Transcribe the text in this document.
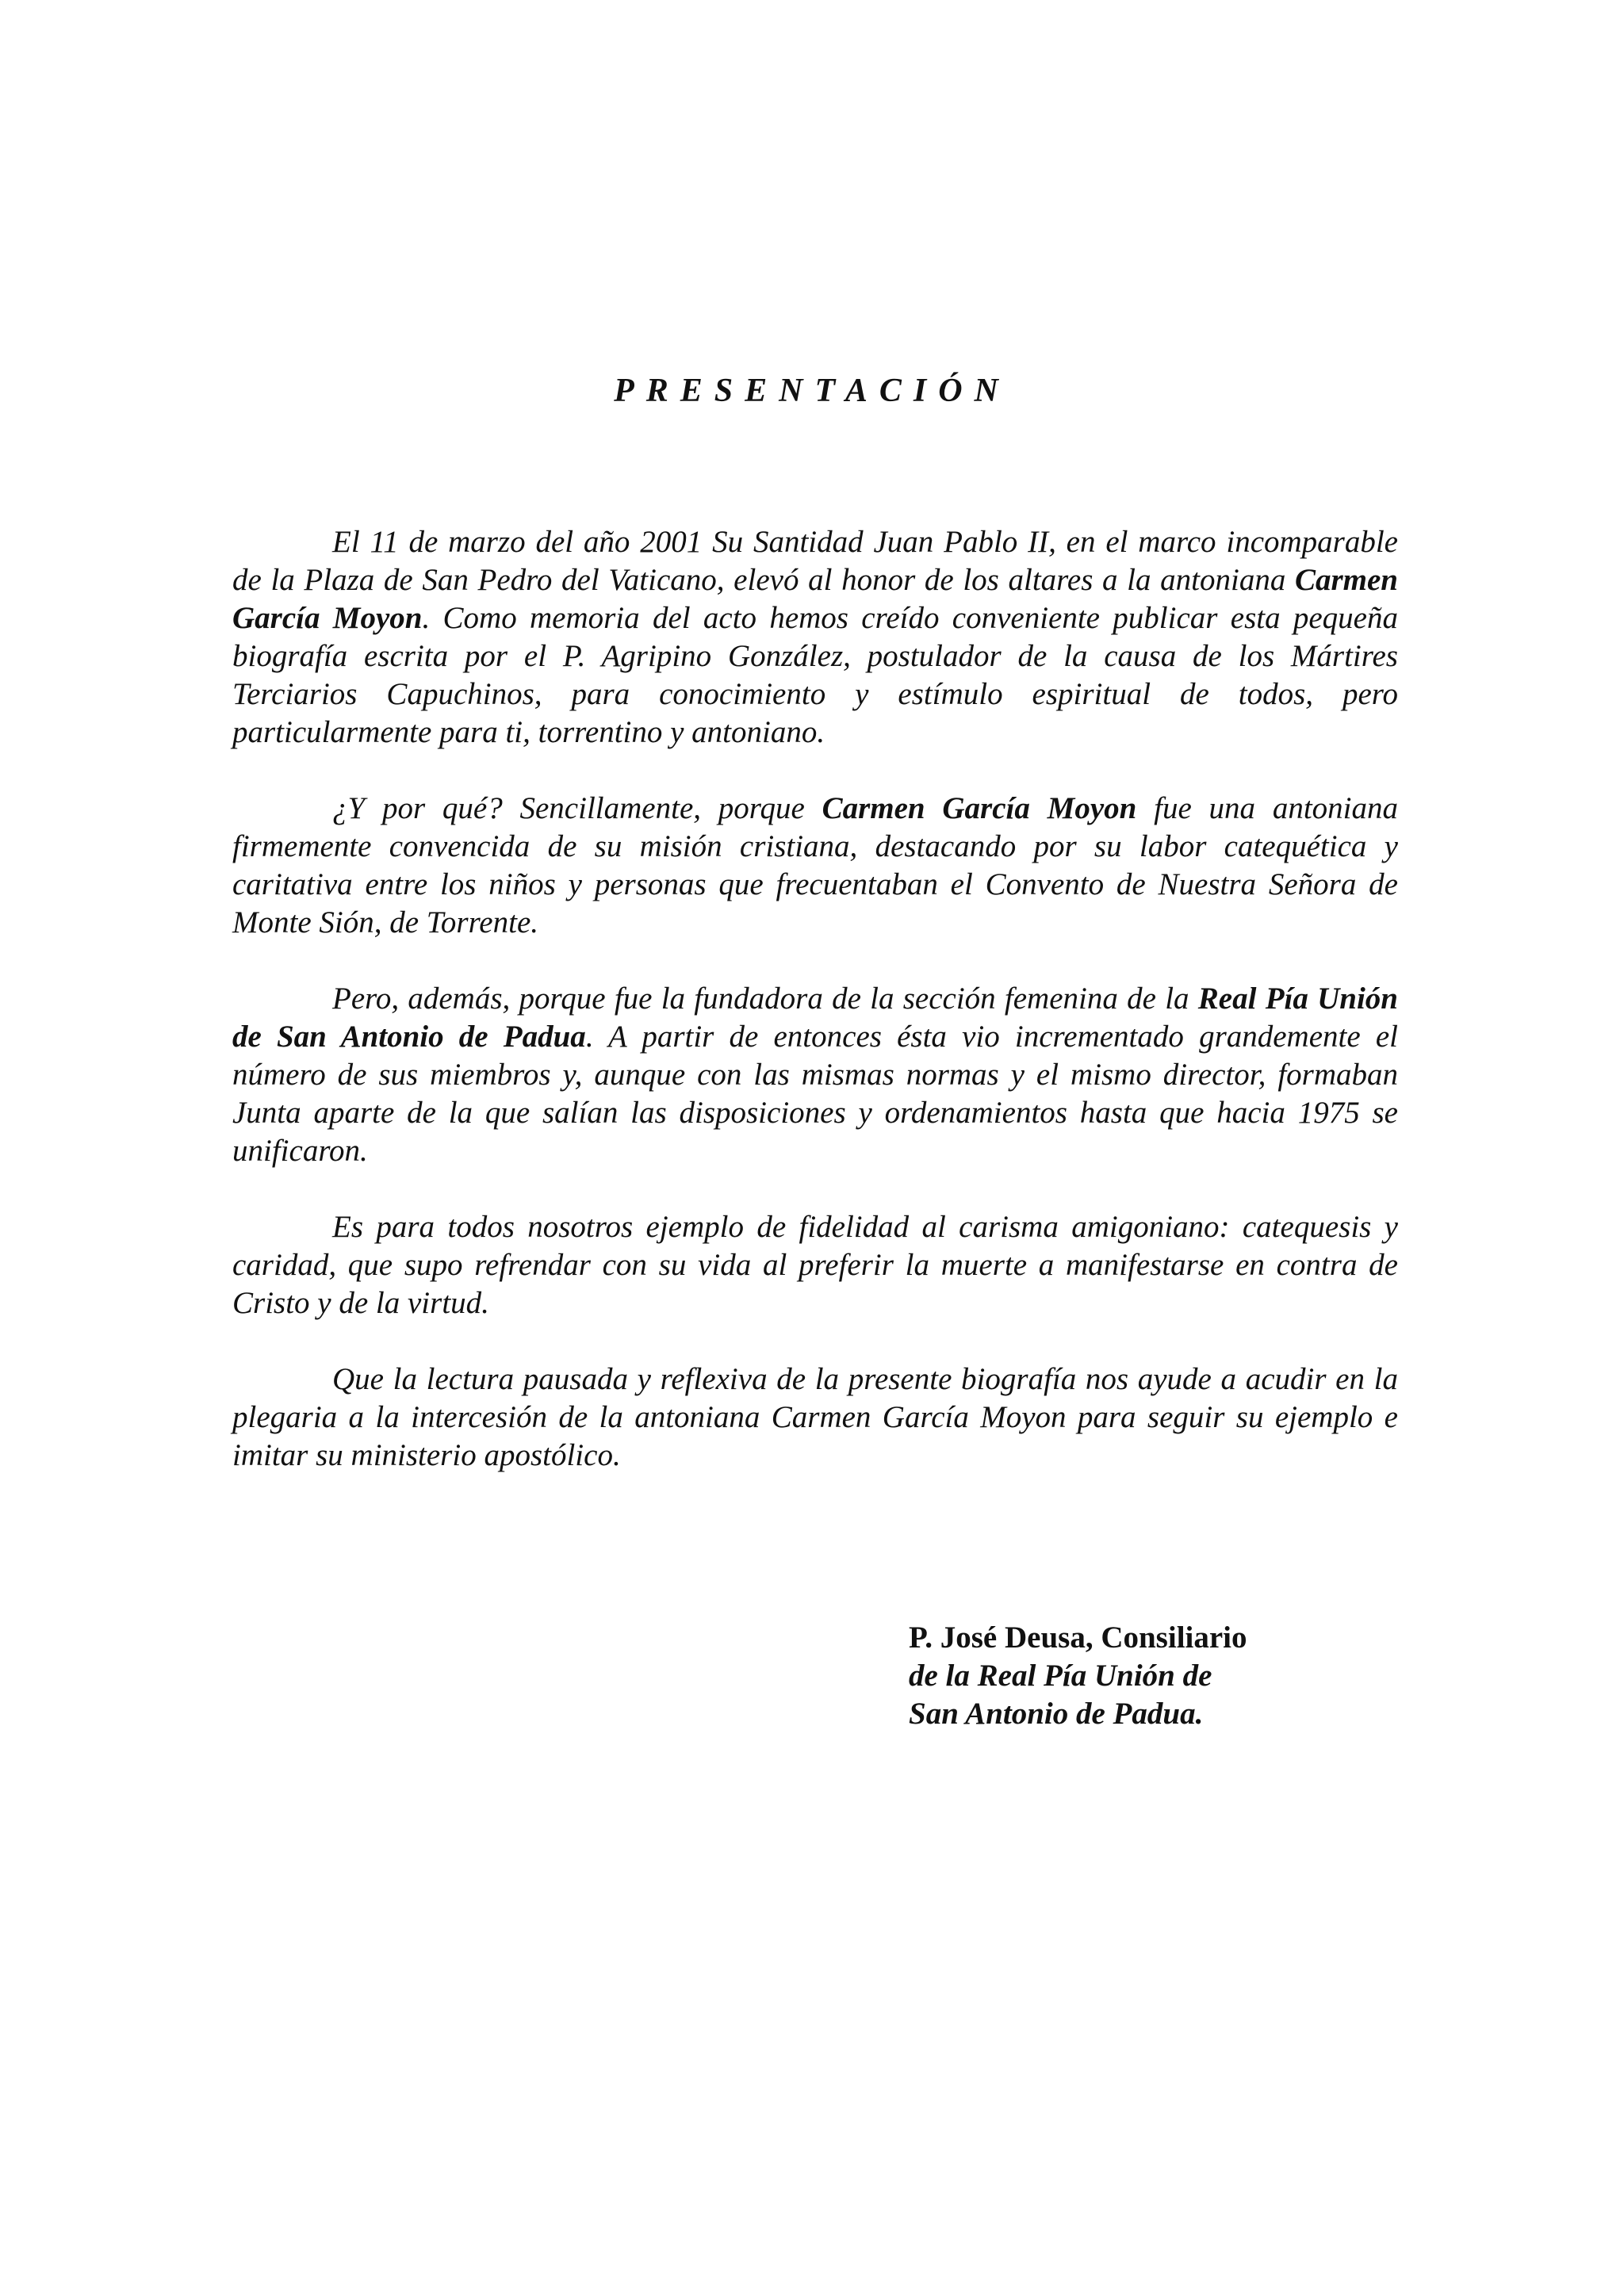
PRESENTACIÓN

El 11 de marzo del año 2001 Su Santidad Juan Pablo II, en el marco incomparable de la Plaza de San Pedro del Vaticano, elevó al honor de los altares a la antoniana Carmen García Moyon. Como memoria del acto hemos creído conveniente publicar esta pequeña biografía escrita por el P. Agripino González, postulador de la causa de los Mártires Terciarios Capuchinos, para conocimiento y estímulo espiritual de todos, pero particularmente para ti, torrentino y antoniano.

¿Y por qué? Sencillamente, porque Carmen García Moyon fue una antoniana firmemente convencida de su misión cristiana, destacando por su labor catequética y caritativa entre los niños y personas que frecuentaban el Convento de Nuestra Señora de Monte Sión, de Torrente.

Pero, además, porque fue la fundadora de la sección femenina de la Real Pía Unión de San Antonio de Padua. A partir de entonces ésta vio incrementado grandemente el número de sus miembros y, aunque con las mismas normas y el mismo director, formaban Junta aparte de la que salían las disposiciones y ordenamientos hasta que hacia 1975 se unificaron.

Es para todos nosotros ejemplo de fidelidad al carisma amigoniano: catequesis y caridad, que supo refrendar con su vida al preferir la muerte a manifestarse en contra de Cristo y de la virtud.

Que la lectura pausada y reflexiva de la presente biografía nos ayude a acudir en la plegaria a la intercesión de la antoniana Carmen García Moyon para seguir su ejemplo e imitar su ministerio apostólico.

P. José Deusa, Consiliario
de la Real Pía Unión de
San Antonio de Padua.
